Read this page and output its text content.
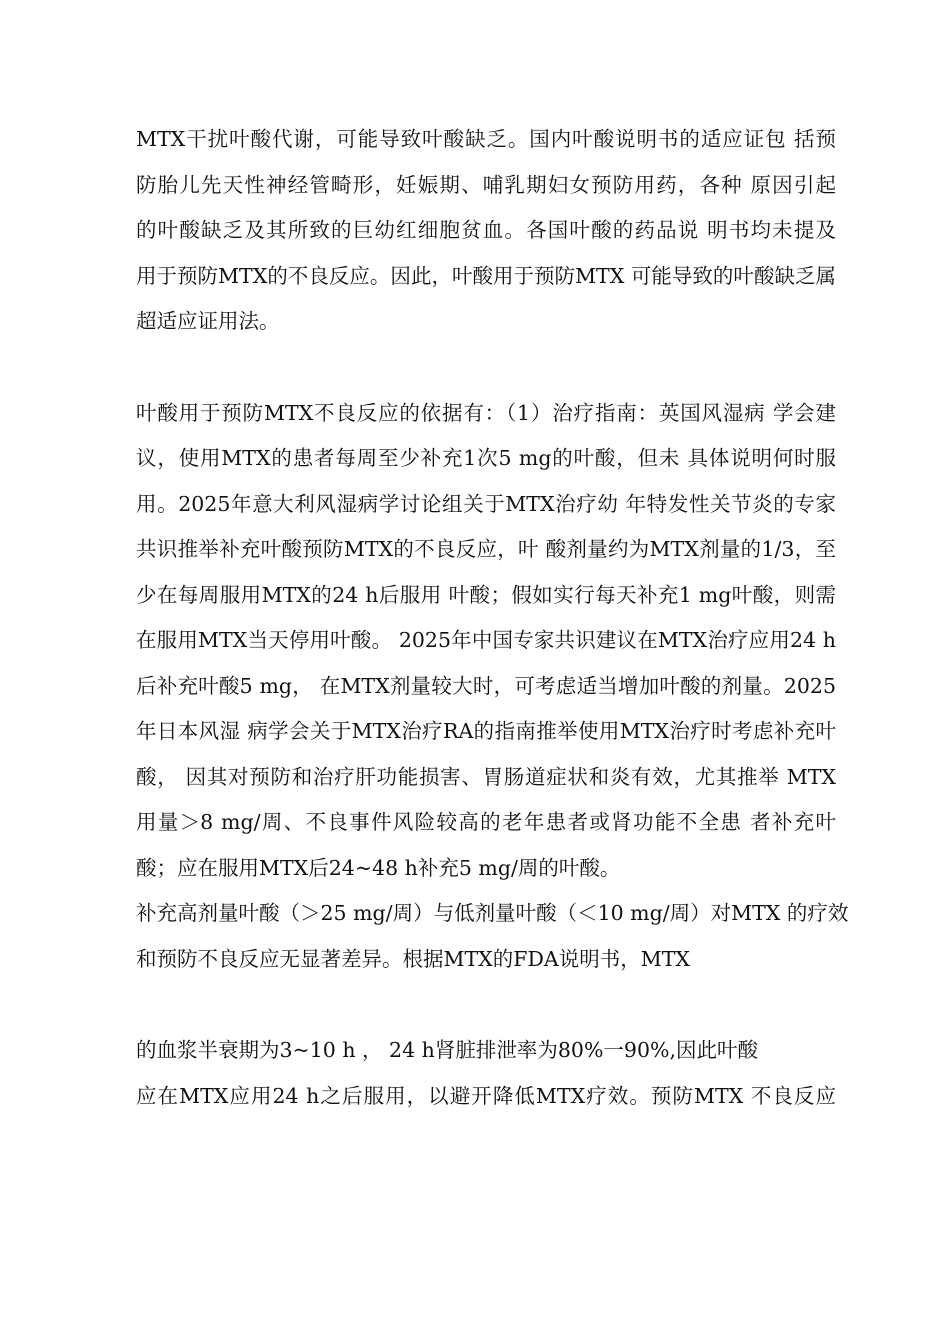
MTX干扰叶酸代谢，可能导致叶酸缺乏。国内叶酸说明书的适应证包 括预
防胎儿先天性神经管畸形，妊娠期、哺乳期妇女预防用药，各种 原因引起
的叶酸缺乏及其所致的巨幼红细胞贫血。各国叶酸的药品说 明书均未提及
用于预防MTX的不良反应。因此，叶酸用于预防MTX 可能导致的叶酸缺乏属
超适应证用法。
叶酸用于预防MTX不良反应的依据有：（1）治疗指南：英国风湿病 学会建
议，使用MTX的患者每周至少补充1次5 mg的叶酸，但未 具体说明何时服
用。2025年意大利风湿病学讨论组关于MTX治疗幼 年特发性关节炎的专家
共识推举补充叶酸预防MTX的不良反应，叶 酸剂量约为MTX剂量的1/3，至
少在每周服用MTX的24 h后服用 叶酸；假如实行每天补充1 mg叶酸，则需
在服用MTX当天停用叶酸。 2025年中国专家共识建议在MTX治疗应用24 h
后补充叶酸5 mg， 在MTX剂量较大时，可考虑适当增加叶酸的剂量。2025
年日本风湿 病学会关于MTX治疗RA的指南推举使用MTX治疗时考虑补充叶
酸， 因其对预防和治疗肝功能损害、胃肠道症状和炎有效，尤其推举 MTX
用量＞8 mg/周、不良事件风险较高的老年患者或肾功能不全患 者补充叶
酸；应在服用MTX后24~48 h补充5 mg/周的叶酸。
补充高剂量叶酸（＞25 mg/周）与低剂量叶酸（＜10 mg/周）对MTX 的疗效
和预防不良反应无显著差异。根据MTX的FDA说明书，MTX
的血浆半衰期为3~10 h ， 24 h肾脏排泄率为80%一90%,因此叶酸
应在MTX应用24 h之后服用，以避开降低MTX疗效。预防MTX 不良反应
